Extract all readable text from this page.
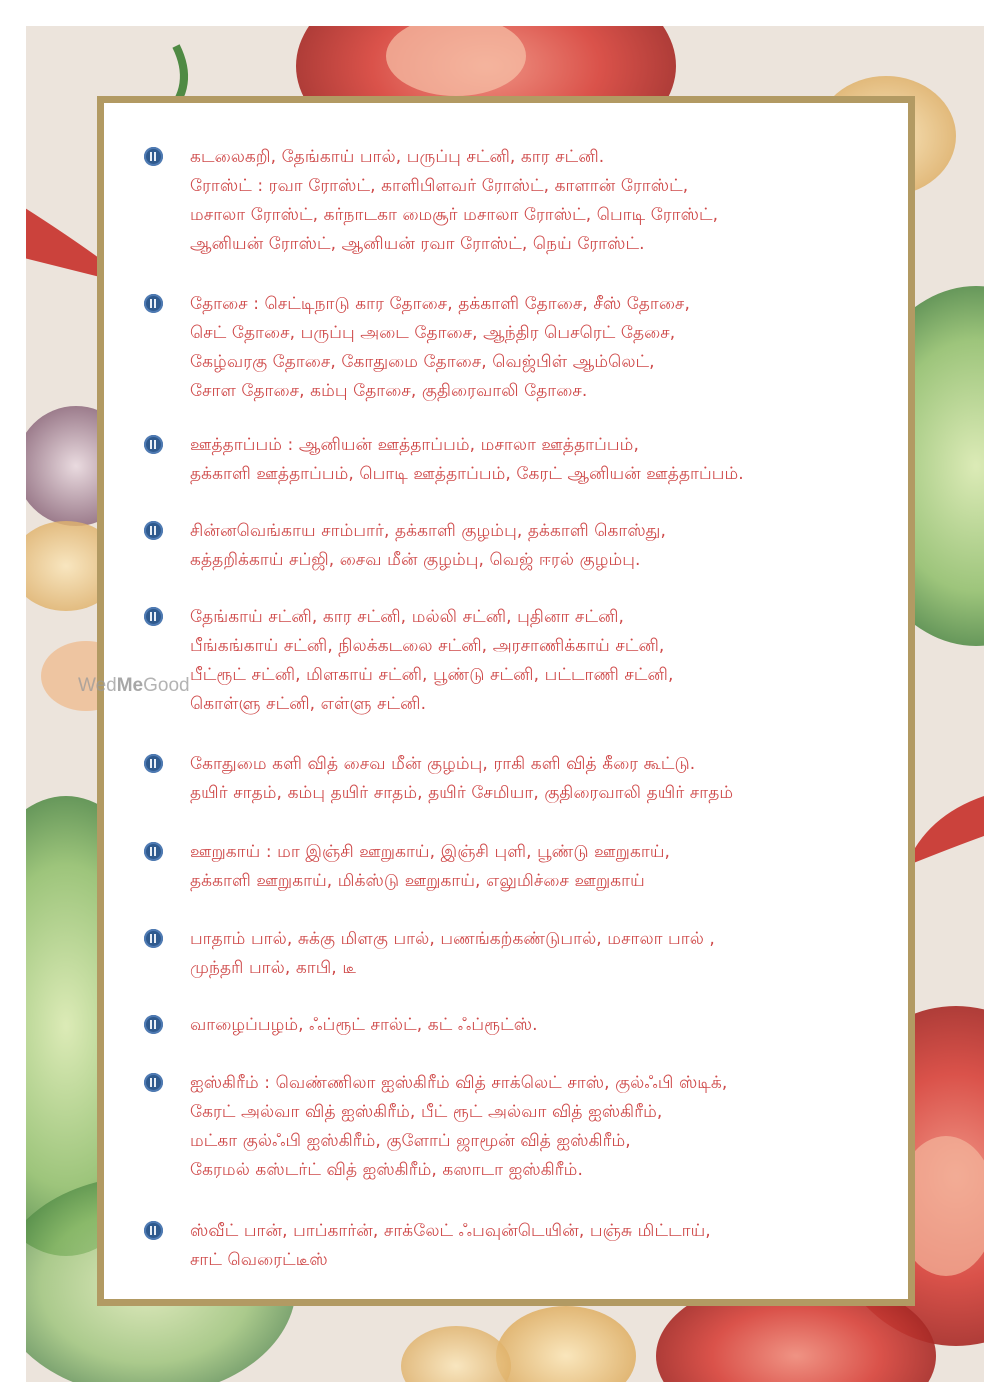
கடலைகறி, தேங்காய் பால், பருப்பு சட்னி, கார சட்னி.
ரோஸ்ட் : ரவா ரோஸ்ட், காளிபிளவர் ரோஸ்ட், காளான் ரோஸ்ட்,
மசாலா ரோஸ்ட், கர்நாடகா மைசூர் மசாலா ரோஸ்ட், பொடி ரோஸ்ட்,
ஆனியன் ரோஸ்ட், ஆனியன் ரவா ரோஸ்ட், நெய் ரோஸ்ட்.
தோசை : செட்டிநாடு கார தோசை, தக்காளி தோசை, சீஸ் தோசை,
செட் தோசை, பருப்பு அடை தோசை, ஆந்திர பெசரெட் தேசை,
கேழ்வரகு தோசை, கோதுமை தோசை, வெஜ்பிள் ஆம்லெட்,
சோள தோசை, கம்பு தோசை, குதிரைவாலி தோசை.
ஊத்தாப்பம் : ஆனியன் ஊத்தாப்பம், மசாலா ஊத்தாப்பம்,
தக்காளி ஊத்தாப்பம், பொடி ஊத்தாப்பம், கேரட் ஆனியன் ஊத்தாப்பம்.
சின்னவெங்காய சாம்பார், தக்காளி குழம்பு, தக்காளி கொஸ்து,
கத்தறிக்காய் சப்ஜி, சைவ மீன் குழம்பு, வெஜ் ஈரல் குழம்பு.
தேங்காய் சட்னி, கார சட்னி, மல்லி சட்னி, புதினா சட்னி,
பீங்கங்காய் சட்னி, நிலக்கடலை சட்னி, அரசாணிக்காய் சட்னி,
பீட்ரூட் சட்னி, மிளகாய் சட்னி, பூண்டு சட்னி, பட்டாணி சட்னி,
கொள்ளு சட்னி, எள்ளு சட்னி.
கோதுமை களி வித் சைவ மீன் குழம்பு, ராகி களி வித் கீரை கூட்டு.
தயிர் சாதம், கம்பு தயிர் சாதம், தயிர் சேமியா, குதிரைவாலி தயிர் சாதம்
ஊறுகாய் : மா இஞ்சி ஊறுகாய், இஞ்சி புளி, பூண்டு ஊறுகாய்,
தக்காளி ஊறுகாய், மிக்ஸ்டு ஊறுகாய், எலுமிச்சை ஊறுகாய்
பாதாம் பால், சுக்கு மிளகு பால், பணங்கற்கண்டுபால், மசாலா பால் ,
முந்தரி பால், காபி, டீ
வாழைப்பழம், ஃப்ரூட் சால்ட், கட் ஃப்ரூட்ஸ்.
ஐஸ்கிரீம் : வெண்ணிலா ஐஸ்கிரீம் வித் சாக்லெட் சாஸ், குல்ஃபி ஸ்டிக்,
கேரட் அல்வா வித் ஐஸ்கிரீம், பீட் ரூட் அல்வா வித் ஐஸ்கிரீம்,
மட்கா குல்ஃபி ஐஸ்கிரீம், குளோப் ஜாமூன் வித் ஐஸ்கிரீம்,
கேரமல் கஸ்டர்ட் வித் ஐஸ்கிரீம், கஸாடா ஐஸ்கிரீம்.
ஸ்வீட் பான், பாப்கார்ன், சாக்லேட் ஃபவுன்டெயின், பஞ்சு மிட்டாய்,
சாட் வெரைட்டீஸ்
WedMeGood
